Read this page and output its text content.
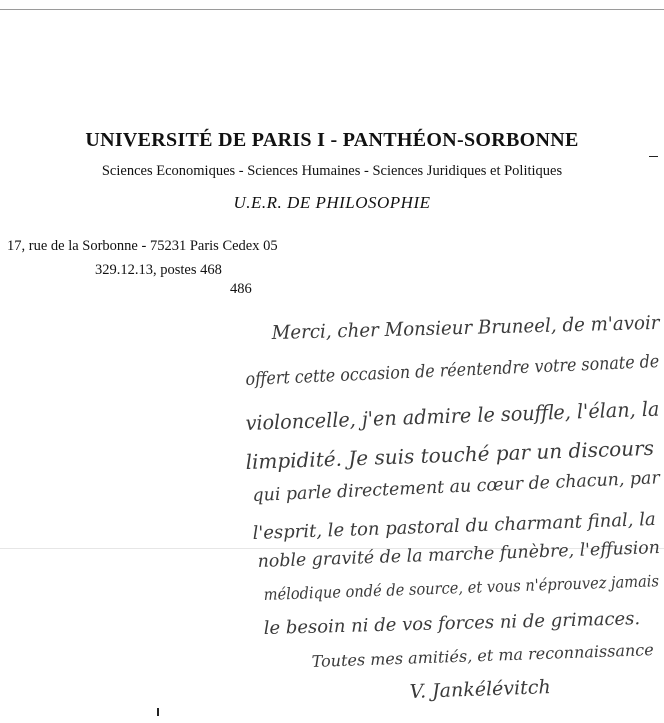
UNIVERSITÉ DE PARIS I - PANTHÉON-SORBONNE
Sciences Economiques - Sciences Humaines - Sciences Juridiques et Politiques
U.E.R. DE PHILOSOPHIE
17, rue de la Sorbonne - 75231 Paris Cedex 05
329.12.13, postes 468
486
Merci, cher Monsieur Bruneel, de m'avoir
offert cette occasion de réentendre votre sonate de
violoncelle, j'en admire le souffle, l'élan, la
limpidité. Je suis touché par un discours
qui parle directement au cœur de chacun, par
l'esprit, le ton pastoral du charmant final, la
noble gravité de la marche funèbre, l'effusion
mélodique ondé de source, et vous n'éprouvez jamais
le besoin ni de vos forces ni de grimaces.
Toutes mes amitiés, et ma reconnaissance
V. Jankélévitch
